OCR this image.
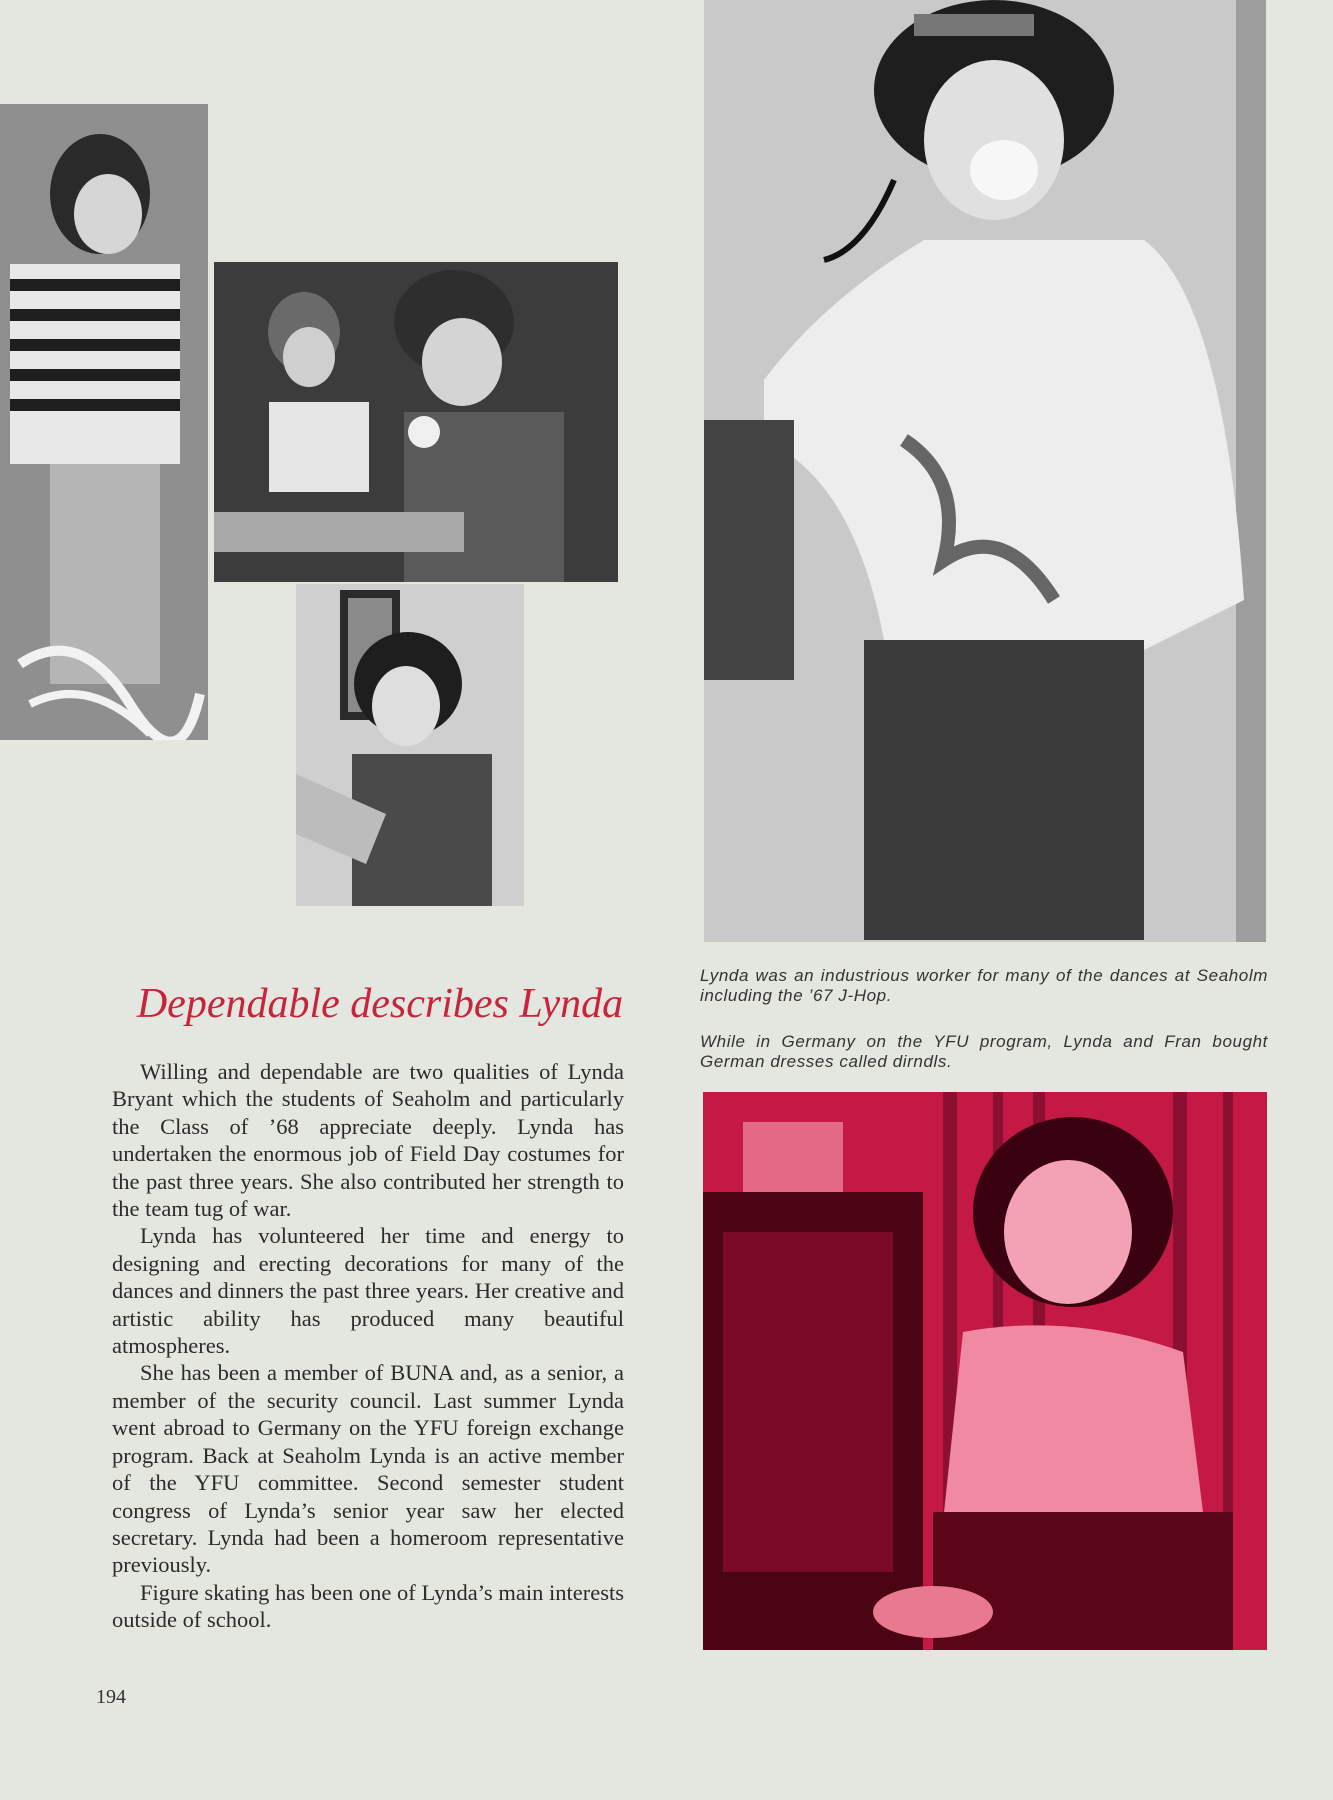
Dependable describes Lynda

Willing and dependable are two qualities of Lynda Bryant which the students of Seaholm and particularly the Class of ’68 appreciate deeply. Lynda has undertaken the enormous job of Field Day costumes for the past three years. She also contributed her strength to the team tug of war.

Lynda has volunteered her time and energy to designing and erecting decorations for many of the dances and dinners the past three years. Her creative and artistic ability has produced many beautiful atmospheres.

She has been a member of BUNA and, as a senior, a member of the security council. Last summer Lynda went abroad to Germany on the YFU foreign exchange program. Back at Seaholm Lynda is an active member of the YFU committee. Second semester student congress of Lynda’s senior year saw her elected secretary. Lynda had been a homeroom representative previously.

Figure skating has been one of Lynda’s main interests outside of school.

Lynda was an industrious worker for many of the dances at Seaholm including the ’67 J-Hop.
While in Germany on the YFU program, Lynda and Fran bought German dresses called dirndls.
194
